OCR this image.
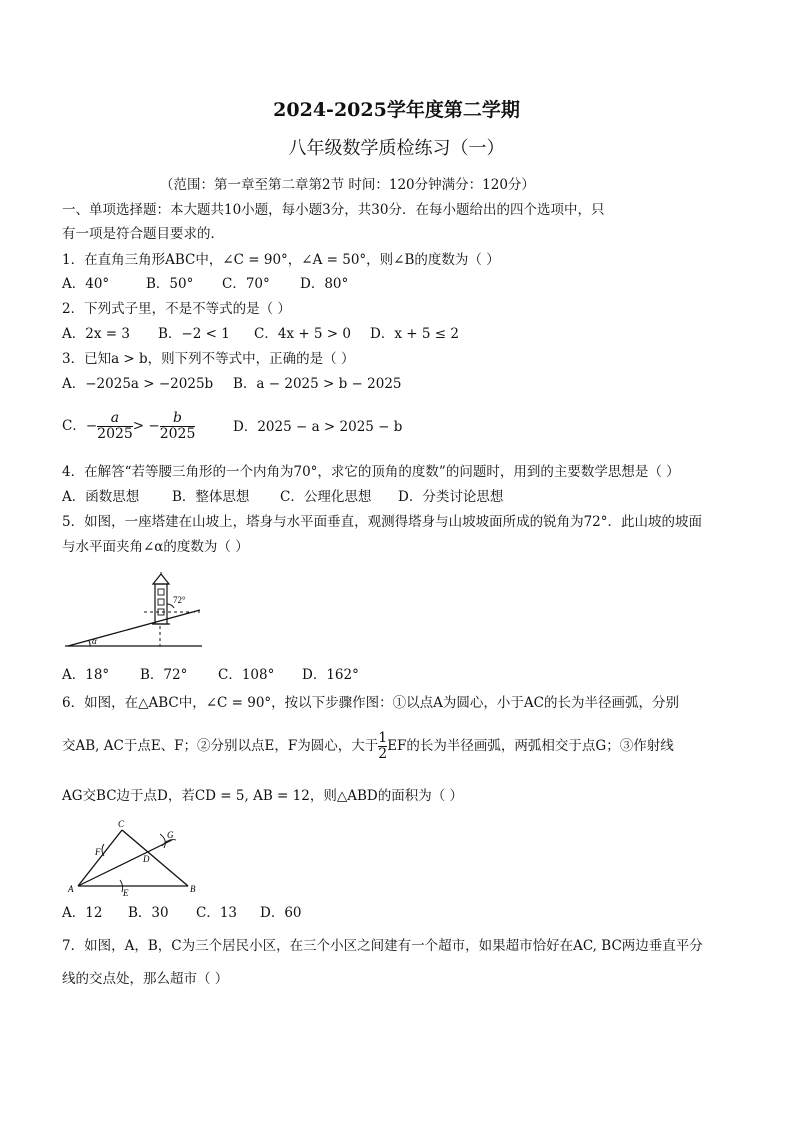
2024-2025学年度第二学期
八年级数学质检练习（一）
（范围：第一章至第二章第2节 时间：120分钟满分：120分）
一、单项选择题：本大题共10小题，每小题3分，共30分．在每小题给出的四个选项中，只
有一项是符合题目要求的．
1．在直角三角形ABC中，∠C = 90°，∠A = 50°，则∠B的度数为（ ）
A．40°	B．50° C．70° D．80°
2．下列式子里，不是不等式的是（ ）
A．2x = 3 B．−2 < 1 C．4x + 5 > 0 D．x + 5 ≤ 2
3．已知a > b，则下列不等式中，正确的是（ ）
A．−2025a > −2025b B．a − 2025 > b − 2025
C． − $\frac{a}{2025}$ > − $\frac{b}{2025}$	D．2025 − a > 2025 − b
4．在解答“若等腰三角形的一个内角为70°，求它的顶角的度数”的问题时，用到的主要数学思想是（ ）
A．函数思想 B．整体思想 C．公理化思想 D．分类讨论思想
5．如图，一座塔建在山坡上，塔身与水平面垂直，观测得塔身与山坡坡面所成的锐角为72°．此山坡的坡面
与水平面夹角∠α的度数为（ ）
72°
α
A．18° B．72° C．108° D．162°
6．如图，在△ABC中，∠C = 90°，按以下步骤作图：①以点A为圆心，小于AC的长为半径画弧，分别
交AB, AC于点E、F；②分别以点E，F为圆心，大于 $\frac{1}{2}$ EF的长为半径画弧，两弧相交于点G；③作射线
AG交BC边于点D，若CD = 5, AB = 12，则△ABD的面积为（ ）
C
F
G
D
A	E	B
A．12 B．30 C．13 D．60
7．如图，A，B，C为三个居民小区，在三个小区之间建有一个超市，如果超市恰好在AC, BC两边垂直平分
线的交点处，那么超市（ ）
